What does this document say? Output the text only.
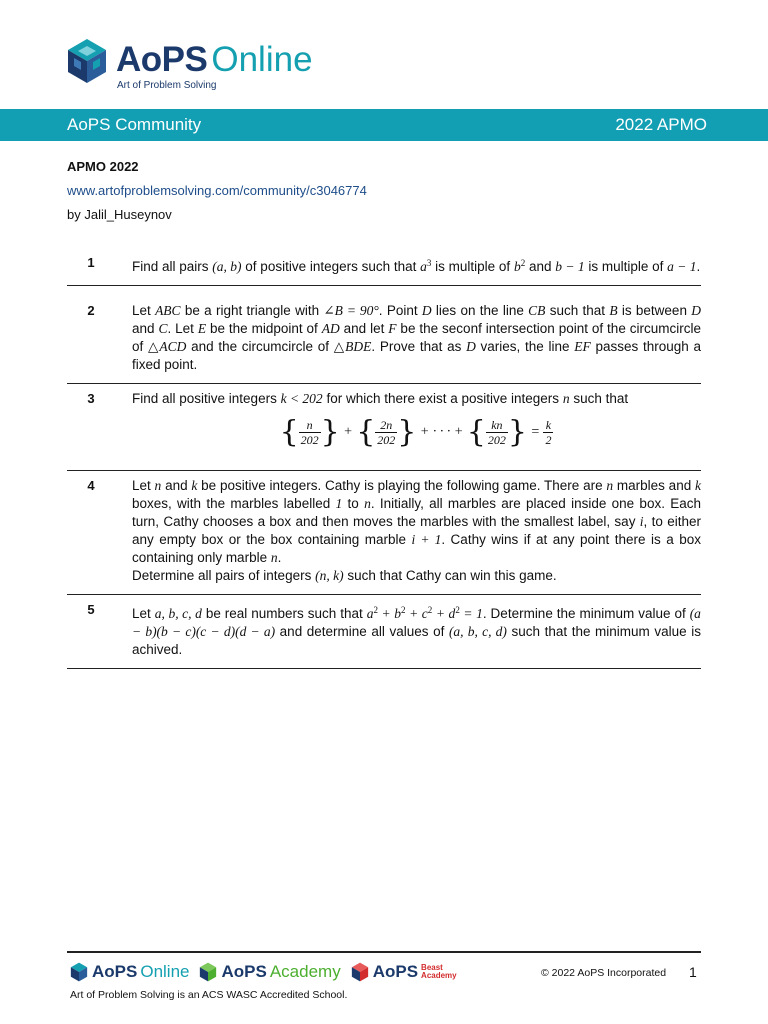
AoPS Online
Art of Problem Solving
AoPS Community	2022 APMO
APMO 2022
www.artofproblemsolving.com/community/c3046774
by Jalil_Huseynov
1	Find all pairs (a, b) of positive integers such that $a^3$ is multiple of $b^2$ and b − 1 is multiple of a − 1.
2	Let ABC be a right triangle with ∠B = 90°. Point D lies on the line CB such that B is between D and C. Let E be the midpoint of AD and let F be the seconf intersection point of the circumcircle of △ACD and the circumcircle of △BDE. Prove that as D varies, the line EF passes through a fixed point.
3	Find all positive integers k < 202 for which there exist a positive integers n such that
{ $\frac{n}{202}$ } + { $\frac{2n}{202}$ } + · · · + { $\frac{kn}{202}$ } = $\frac{k}{2}$
4	Let n and k be positive integers. Cathy is playing the following game. There are n marbles and k boxes, with the marbles labelled 1 to n. Initially, all marbles are placed inside one box. Each turn, Cathy chooses a box and then moves the marbles with the smallest label, say i, to either any empty box or the box containing marble i + 1. Cathy wins if at any point there is a box containing only marble n.
Determine all pairs of integers (n, k) such that Cathy can win this game.
5	Let a, b, c, d be real numbers such that $a^2 + b^2 + c^2 + d^2 = 1$. Determine the minimum value of (a − b)(b − c)(c − d)(d − a) and determine all values of (a, b, c, d) such that the minimum value is achived.
AoPS Online AoPS Academy AoPS Beast Academy	© 2022 AoPS Incorporated 1
Art of Problem Solving is an ACS WASC Accredited School.
